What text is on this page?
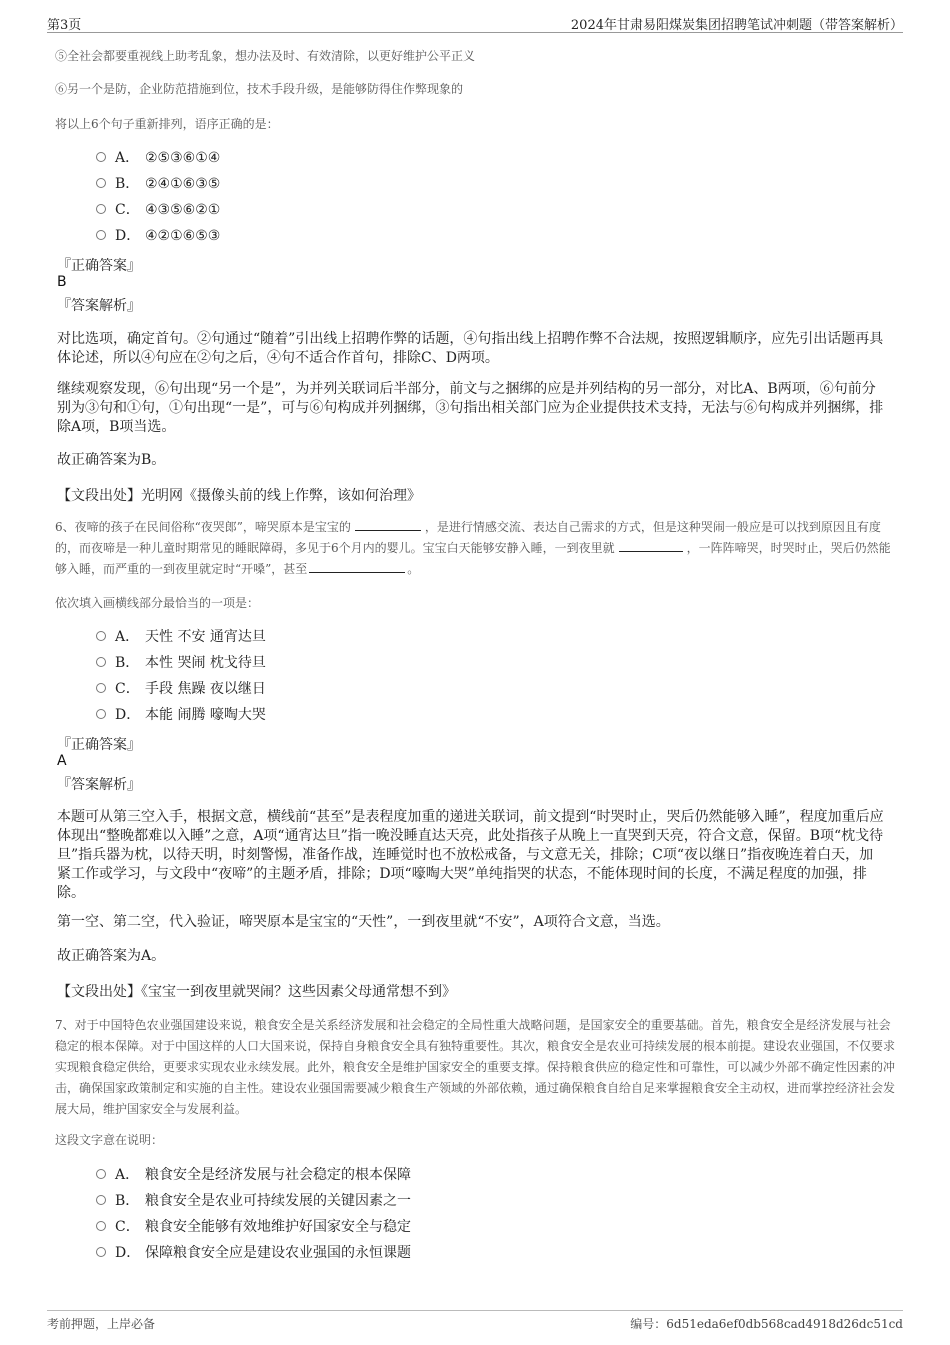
第3页	2024年甘肃易阳煤炭集团招聘笔试冲刺题（带答案解析）
⑤全社会都要重视线上助考乱象，想办法及时、有效清除，以更好维护公平正义
⑥另一个是防，企业防范措施到位，技术手段升级，是能够防得住作弊现象的
将以上6个句子重新排列，语序正确的是：
A． ②⑤③⑥①④
B． ②④①⑥③⑤
C． ④③⑤⑥②①
D． ④②①⑥⑤③
『正确答案』
B
『答案解析』
对比选项，确定首句。②句通过“随着”引出线上招聘作弊的话题，④句指出线上招聘作弊不合法规，按照逻辑顺序，应先引出话题再具体论述，所以④句应在②句之后，④句不适合作首句，排除C、D两项。
继续观察发现，⑥句出现“另一个是”，为并列关联词后半部分，前文与之捆绑的应是并列结构的另一部分，对比A、B两项，⑥句前分别为③句和①句，①句出现“一是”，可与⑥句构成并列捆绑，③句指出相关部门应为企业提供技术支持，无法与⑥句构成并列捆绑，排除A项，B项当选。
故正确答案为B。
【文段出处】光明网《摄像头前的线上作弊，该如何治理》
6、夜啼的孩子在民间俗称“夜哭郎”，啼哭原本是宝宝的	，是进行情感交流、表达自己需求的方式，但是这种哭闹一般应是可以找到原因且有度的，而夜啼是一种儿童时期常见的睡眠障碍，多见于6个月内的婴儿。宝宝白天能够安静入睡，一到夜里就	，一阵阵啼哭，时哭时止，哭后仍然能够入睡，而严重的一到夜里就定时“开嗓”，甚至	。
依次填入画横线部分最恰当的一项是：
A． 天性 不安 通宵达旦
B． 本性 哭闹 枕戈待旦
C． 手段 焦躁 夜以继日
D． 本能 闹腾 嚎啕大哭
『正确答案』
A
『答案解析』
本题可从第三空入手，根据文意，横线前“甚至”是表程度加重的递进关联词，前文提到“时哭时止，哭后仍然能够入睡”，程度加重后应体现出“整晚都难以入睡”之意，A项“通宵达旦”指一晚没睡直达天亮，此处指孩子从晚上一直哭到天亮，符合文意，保留。B项“枕戈待旦”指兵器为枕，以待天明，时刻警惕，准备作战，连睡觉时也不放松戒备，与文意无关，排除；C项“夜以继日”指夜晚连着白天，加紧工作或学习，与文段中“夜啼”的主题矛盾，排除；D项“嚎啕大哭”单纯指哭的状态，不能体现时间的长度，不满足程度的加强，排除。
第一空、第二空，代入验证，啼哭原本是宝宝的“天性”，一到夜里就“不安”，A项符合文意，当选。
故正确答案为A。
【文段出处】《宝宝一到夜里就哭闹？这些因素父母通常想不到》
7、对于中国特色农业强国建设来说，粮食安全是关系经济发展和社会稳定的全局性重大战略问题，是国家安全的重要基础。首先，粮食安全是经济发展与社会稳定的根本保障。对于中国这样的人口大国来说，保持自身粮食安全具有独特重要性。其次，粮食安全是农业可持续发展的根本前提。建设农业强国，不仅要求实现粮食稳定供给，更要求实现农业永续发展。此外，粮食安全是维护国家安全的重要支撑。保持粮食供应的稳定性和可靠性，可以减少外部不确定性因素的冲击，确保国家政策制定和实施的自主性。建设农业强国需要减少粮食生产领域的外部依赖，通过确保粮食自给自足来掌握粮食安全主动权，进而掌控经济社会发展大局，维护国家安全与发展利益。
这段文字意在说明：
A． 粮食安全是经济发展与社会稳定的根本保障
B． 粮食安全是农业可持续发展的关键因素之一
C． 粮食安全能够有效地维护好国家安全与稳定
D． 保障粮食安全应是建设农业强国的永恒课题
考前押题，上岸必备	编号：6d51eda6ef0db568cad4918d26dc51cd
